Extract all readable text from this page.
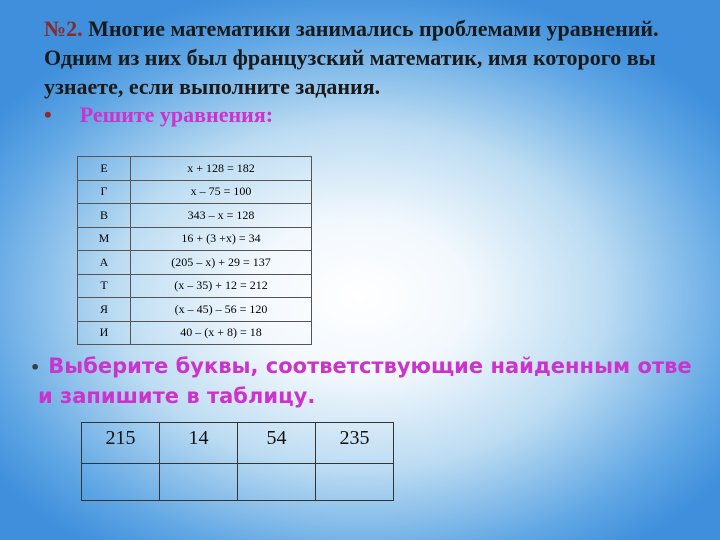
№2. Многие математики занимались проблемами уравнений. Одним из них был французский математик, имя которого вы узнаете, если выполните задания.
• Решите уравнения:
Е	х + 128 = 182
Г	х – 75 = 100
В	343 – х = 128
М	16 + (3 +х) = 34
А	(205 – х) + 29 = 137
Т	(х – 35) + 12 = 212
Я	(х – 45) – 56 = 120
И	40 – (х + 8) = 18
• Выберите буквы, соответствующие найденным отве
и запишите в таблицу.
215	14	54	235
